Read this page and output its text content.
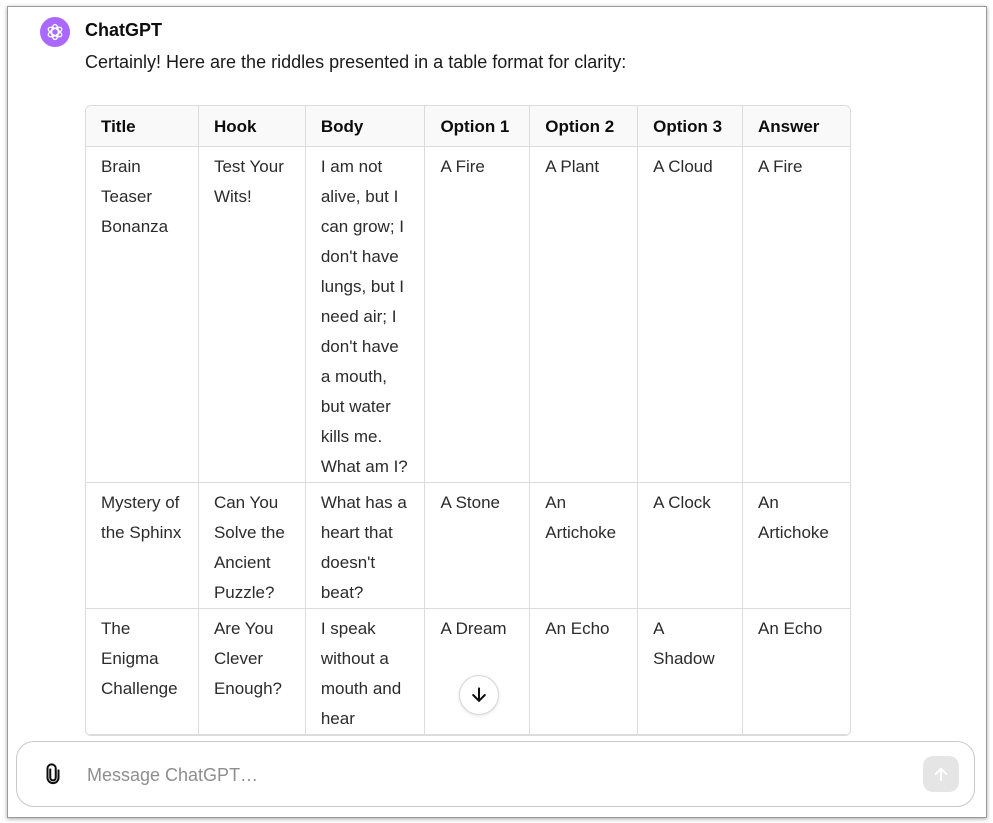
ChatGPT
Certainly! Here are the riddles presented in a table format for clarity:
Title	Hook	Body	Option 1	Option 2	Option 3	Answer
Brain Teaser Bonanza	Test Your Wits!	I am not alive, but I can grow; I don't have lungs, but I need air; I don't have a mouth, but water kills me. What am I?	A Fire	A Plant	A Cloud	A Fire
Mystery of the Sphinx	Can You Solve the Ancient Puzzle?	What has a heart that doesn't beat?	A Stone	An Artichoke	A Clock	An Artichoke
The Enigma Challenge	Are You Clever Enough?	I speak without a mouth and hear	A Dream	An Echo	A Shadow	An Echo
Message ChatGPT…
